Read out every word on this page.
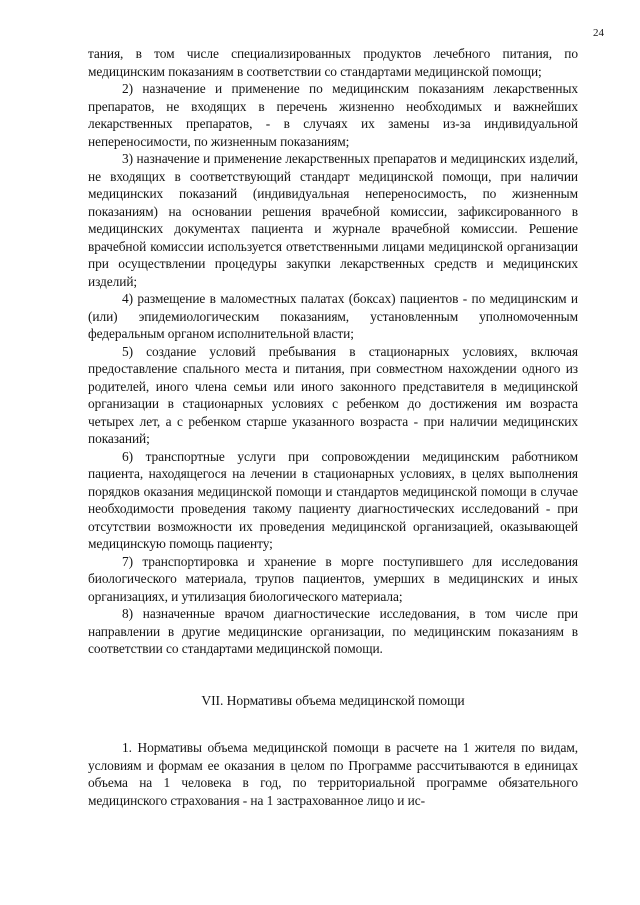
24

тания, в том числе специализированных продуктов лечебного питания, по медицинским показаниям в соответствии со стандартами медицинской помощи;

2) назначение и применение по медицинским показаниям лекарственных препаратов, не входящих в перечень жизненно необходимых и важнейших лекарственных препаратов, - в случаях их замены из-за индивидуальной непереносимости, по жизненным показаниям;

3) назначение и применение лекарственных препаратов и медицинских изделий, не входящих в соответствующий стандарт медицинской помощи, при наличии медицинских показаний (индивидуальная непереносимость, по жизненным показаниям) на основании решения врачебной комиссии, зафиксированного в медицинских документах пациента и журнале врачебной комиссии. Решение врачебной комиссии используется ответственными лицами медицинской организации при осуществлении процедуры закупки лекарственных средств и медицинских изделий;

4) размещение в маломестных палатах (боксах) пациентов - по медицинским и (или) эпидемиологическим показаниям, установленным уполномоченным федеральным органом исполнительной власти;

5) создание условий пребывания в стационарных условиях, включая предоставление спального места и питания, при совместном нахождении одного из родителей, иного члена семьи или иного законного представителя в медицинской организации в стационарных условиях с ребенком до достижения им возраста четырех лет, а с ребенком старше указанного возраста - при наличии медицинских показаний;

6) транспортные услуги при сопровождении медицинским работником пациента, находящегося на лечении в стационарных условиях, в целях выполнения порядков оказания медицинской помощи и стандартов медицинской помощи в случае необходимости проведения такому пациенту диагностических исследований - при отсутствии возможности их проведения медицинской организацией, оказывающей медицинскую помощь пациенту;

7) транспортировка и хранение в морге поступившего для исследования биологического материала, трупов пациентов, умерших в медицинских и иных организациях, и утилизация биологического материала;

8) назначенные врачом диагностические исследования, в том числе при направлении в другие медицинские организации, по медицинским показаниям в соответствии со стандартами медицинской помощи.

VII. Нормативы объема медицинской помощи

1. Нормативы объема медицинской помощи в расчете на 1 жителя по видам, условиям и формам ее оказания в целом по Программе рассчитываются в единицах объема на 1 человека в год, по территориальной программе обязательного медицинского страхования - на 1 застрахованное лицо и ис-
